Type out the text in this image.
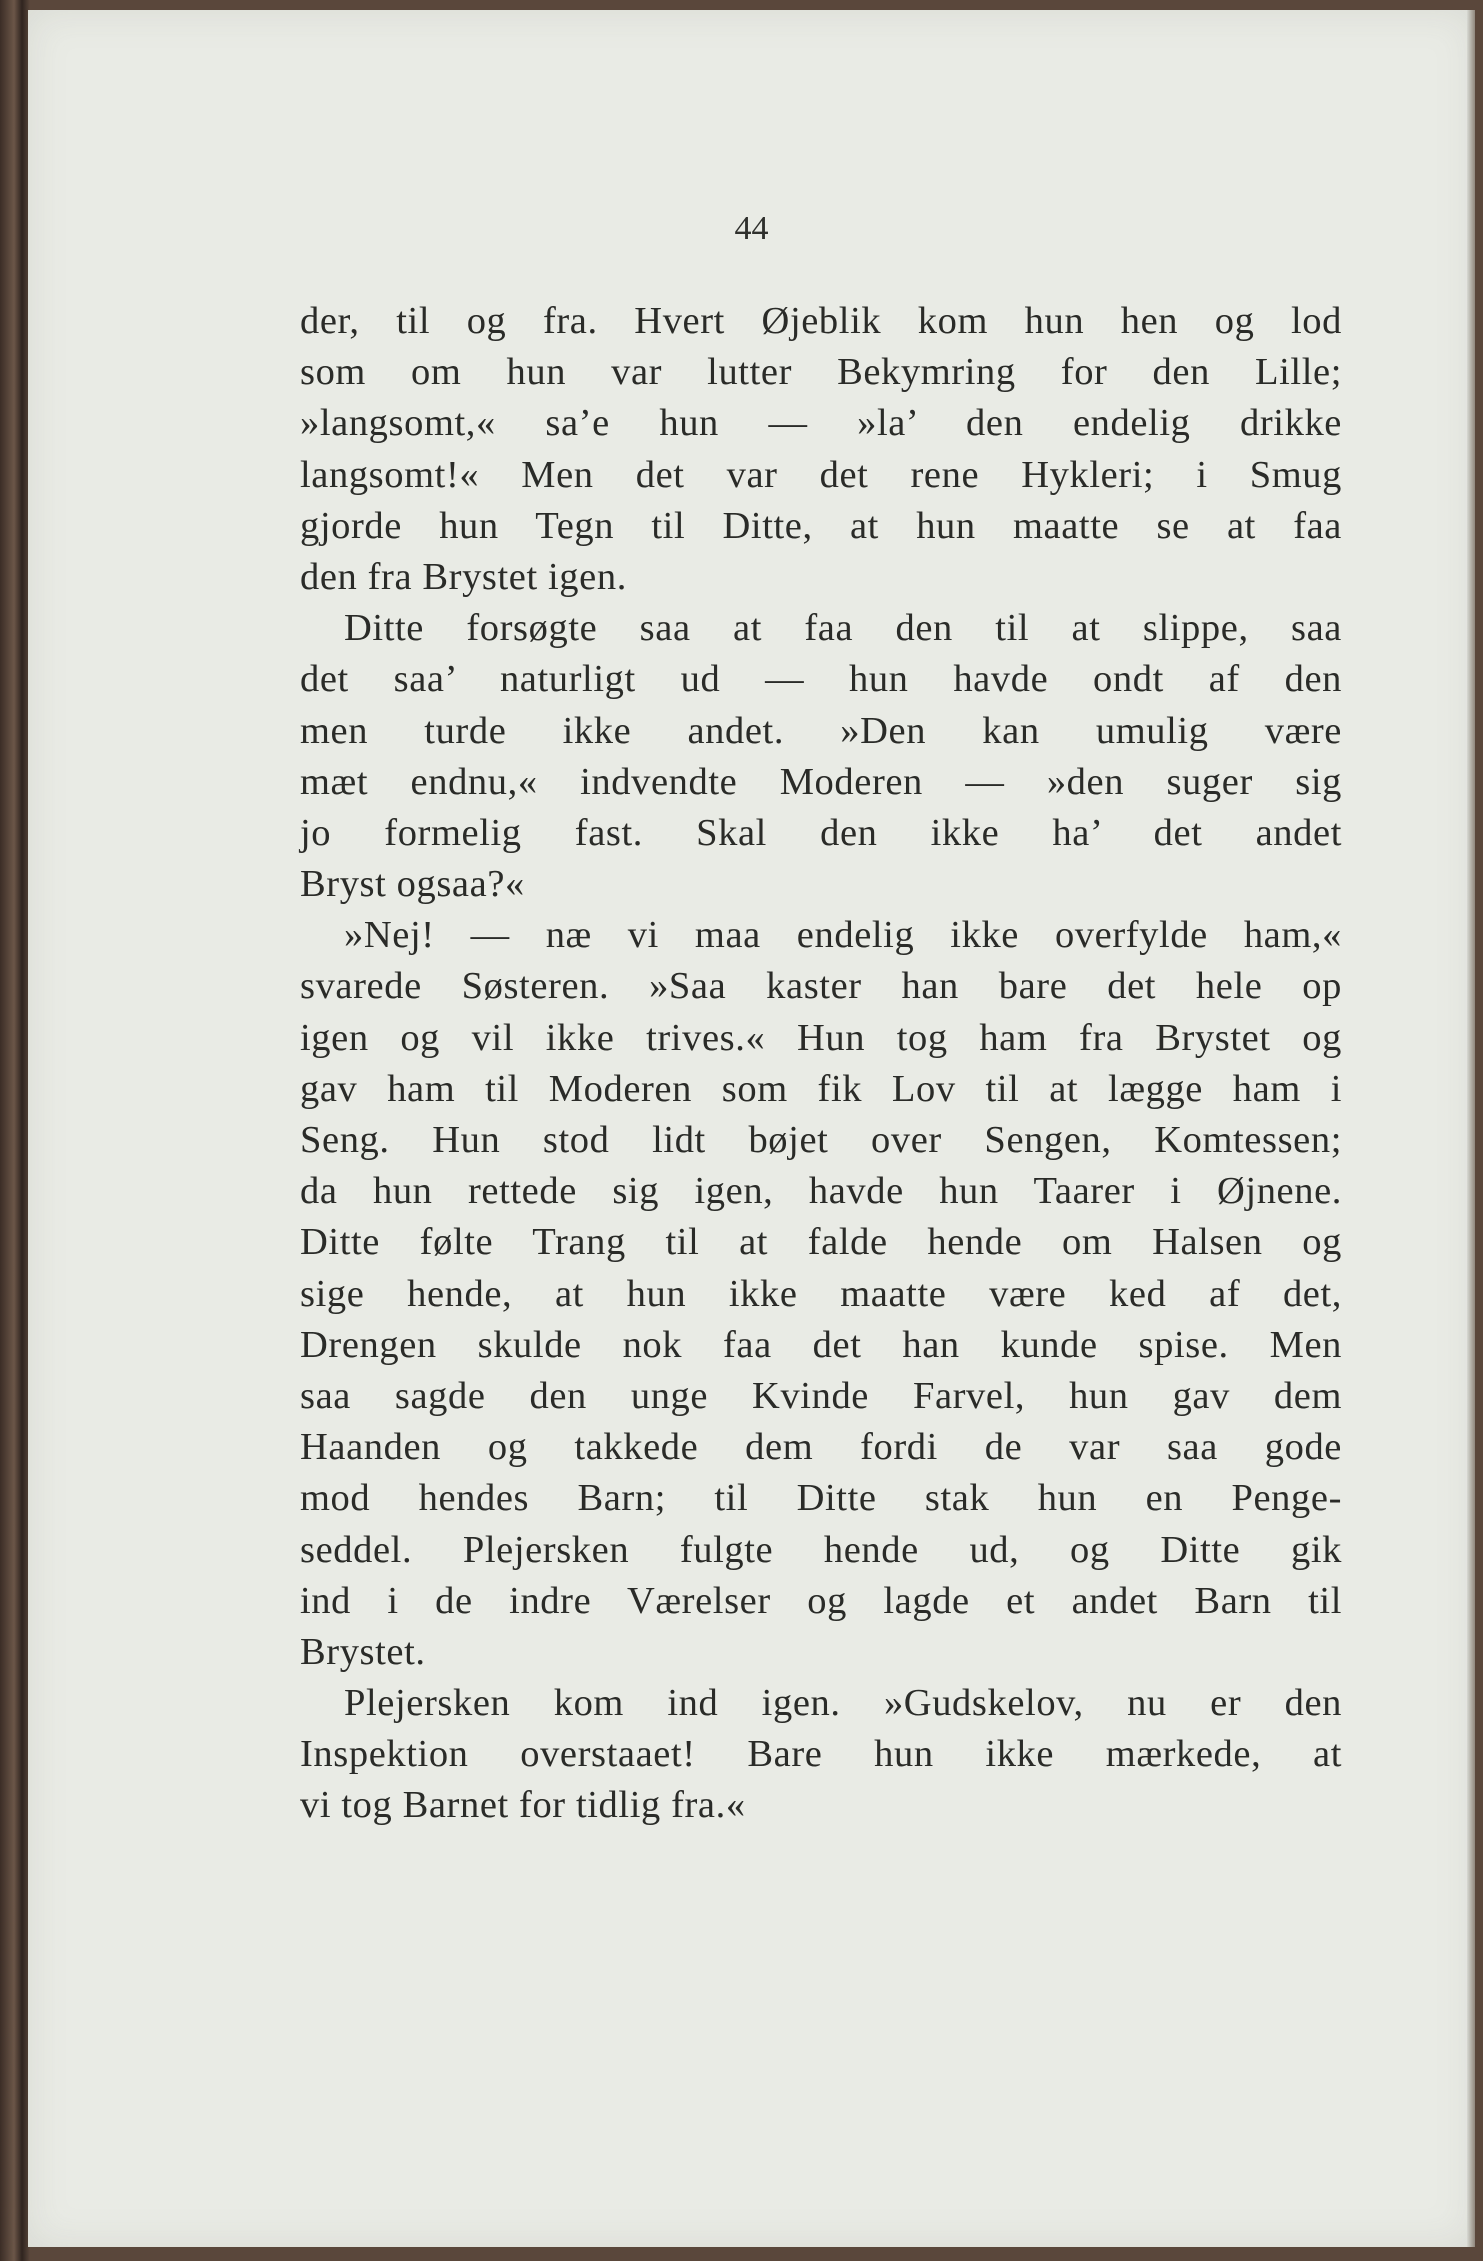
44
der, til og fra. Hvert Øjeblik kom hun hen og lod
som om hun var lutter Bekymring for den Lille;
»langsomt,« sa’e hun — »la’ den endelig drikke
langsomt!« Men det var det rene Hykleri; i Smug
gjorde hun Tegn til Ditte, at hun maatte se at faa
den fra Brystet igen.
Ditte forsøgte saa at faa den til at slippe, saa
det saa’ naturligt ud — hun havde ondt af den
men turde ikke andet. »Den kan umulig være
mæt endnu,« indvendte Moderen — »den suger sig
jo formelig fast. Skal den ikke ha’ det andet
Bryst ogsaa?«
»Nej! — næ vi maa endelig ikke overfylde ham,«
svarede Søsteren. »Saa kaster han bare det hele op
igen og vil ikke trives.« Hun tog ham fra Brystet og
gav ham til Moderen som fik Lov til at lægge ham i
Seng. Hun stod lidt bøjet over Sengen, Komtessen;
da hun rettede sig igen, havde hun Taarer i Øjnene.
Ditte følte Trang til at falde hende om Halsen og
sige hende, at hun ikke maatte være ked af det,
Drengen skulde nok faa det han kunde spise. Men
saa sagde den unge Kvinde Farvel, hun gav dem
Haanden og takkede dem fordi de var saa gode
mod hendes Barn; til Ditte stak hun en Penge-
seddel. Plejersken fulgte hende ud, og Ditte gik
ind i de indre Værelser og lagde et andet Barn til
Brystet.
Plejersken kom ind igen. »Gudskelov, nu er den
Inspektion overstaaet! Bare hun ikke mærkede, at
vi tog Barnet for tidlig fra.«
